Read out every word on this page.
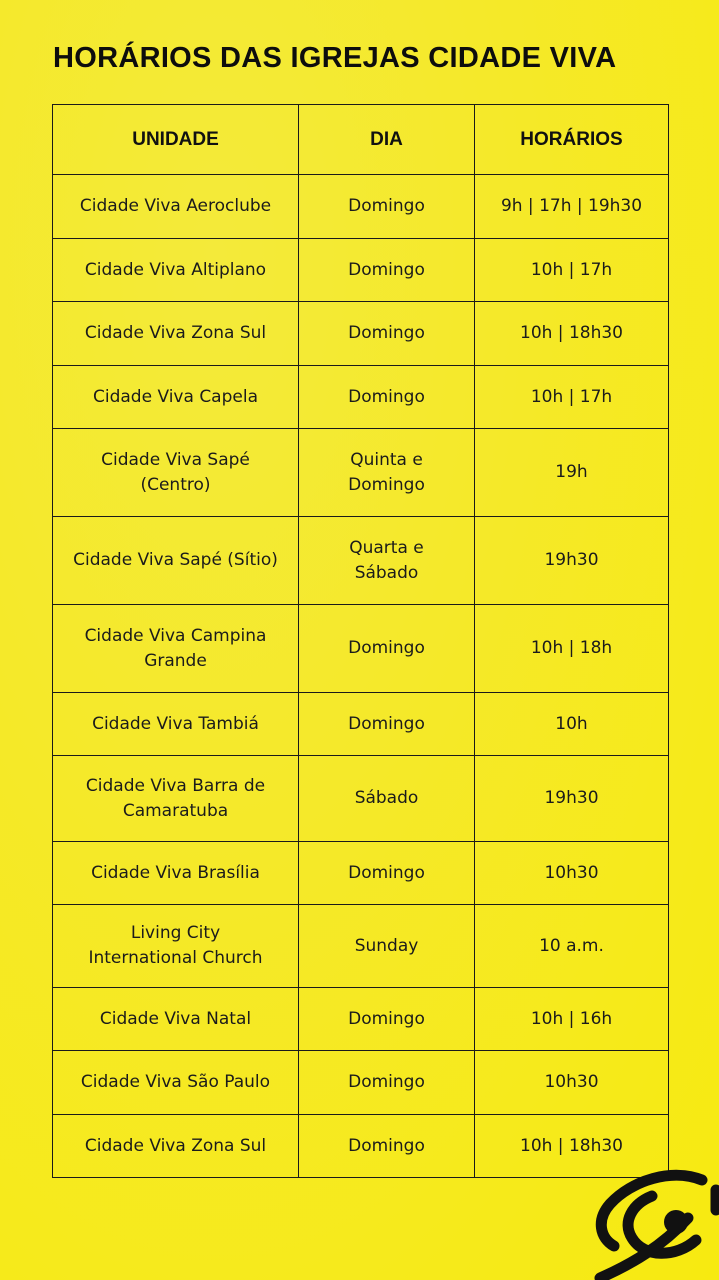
HORÁRIOS DAS IGREJAS CIDADE VIVA
UNIDADE	DIA	HORÁRIOS
Cidade Viva Aeroclube	Domingo	9h | 17h | 19h30
Cidade Viva Altiplano	Domingo	10h | 17h
Cidade Viva Zona Sul	Domingo	10h | 18h30
Cidade Viva Capela	Domingo	10h | 17h
Cidade Viva Sapé (Centro)	Quinta e Domingo	19h
Cidade Viva Sapé (Sítio)	Quarta e Sábado	19h30
Cidade Viva Campina Grande	Domingo	10h | 18h
Cidade Viva Tambiá	Domingo	10h
Cidade Viva Barra de Camaratuba	Sábado	19h30
Cidade Viva Brasília	Domingo	10h30
Living City International Church	Sunday	10 a.m.
Cidade Viva Natal	Domingo	10h | 16h
Cidade Viva São Paulo	Domingo	10h30
Cidade Viva Zona Sul	Domingo	10h | 18h30
